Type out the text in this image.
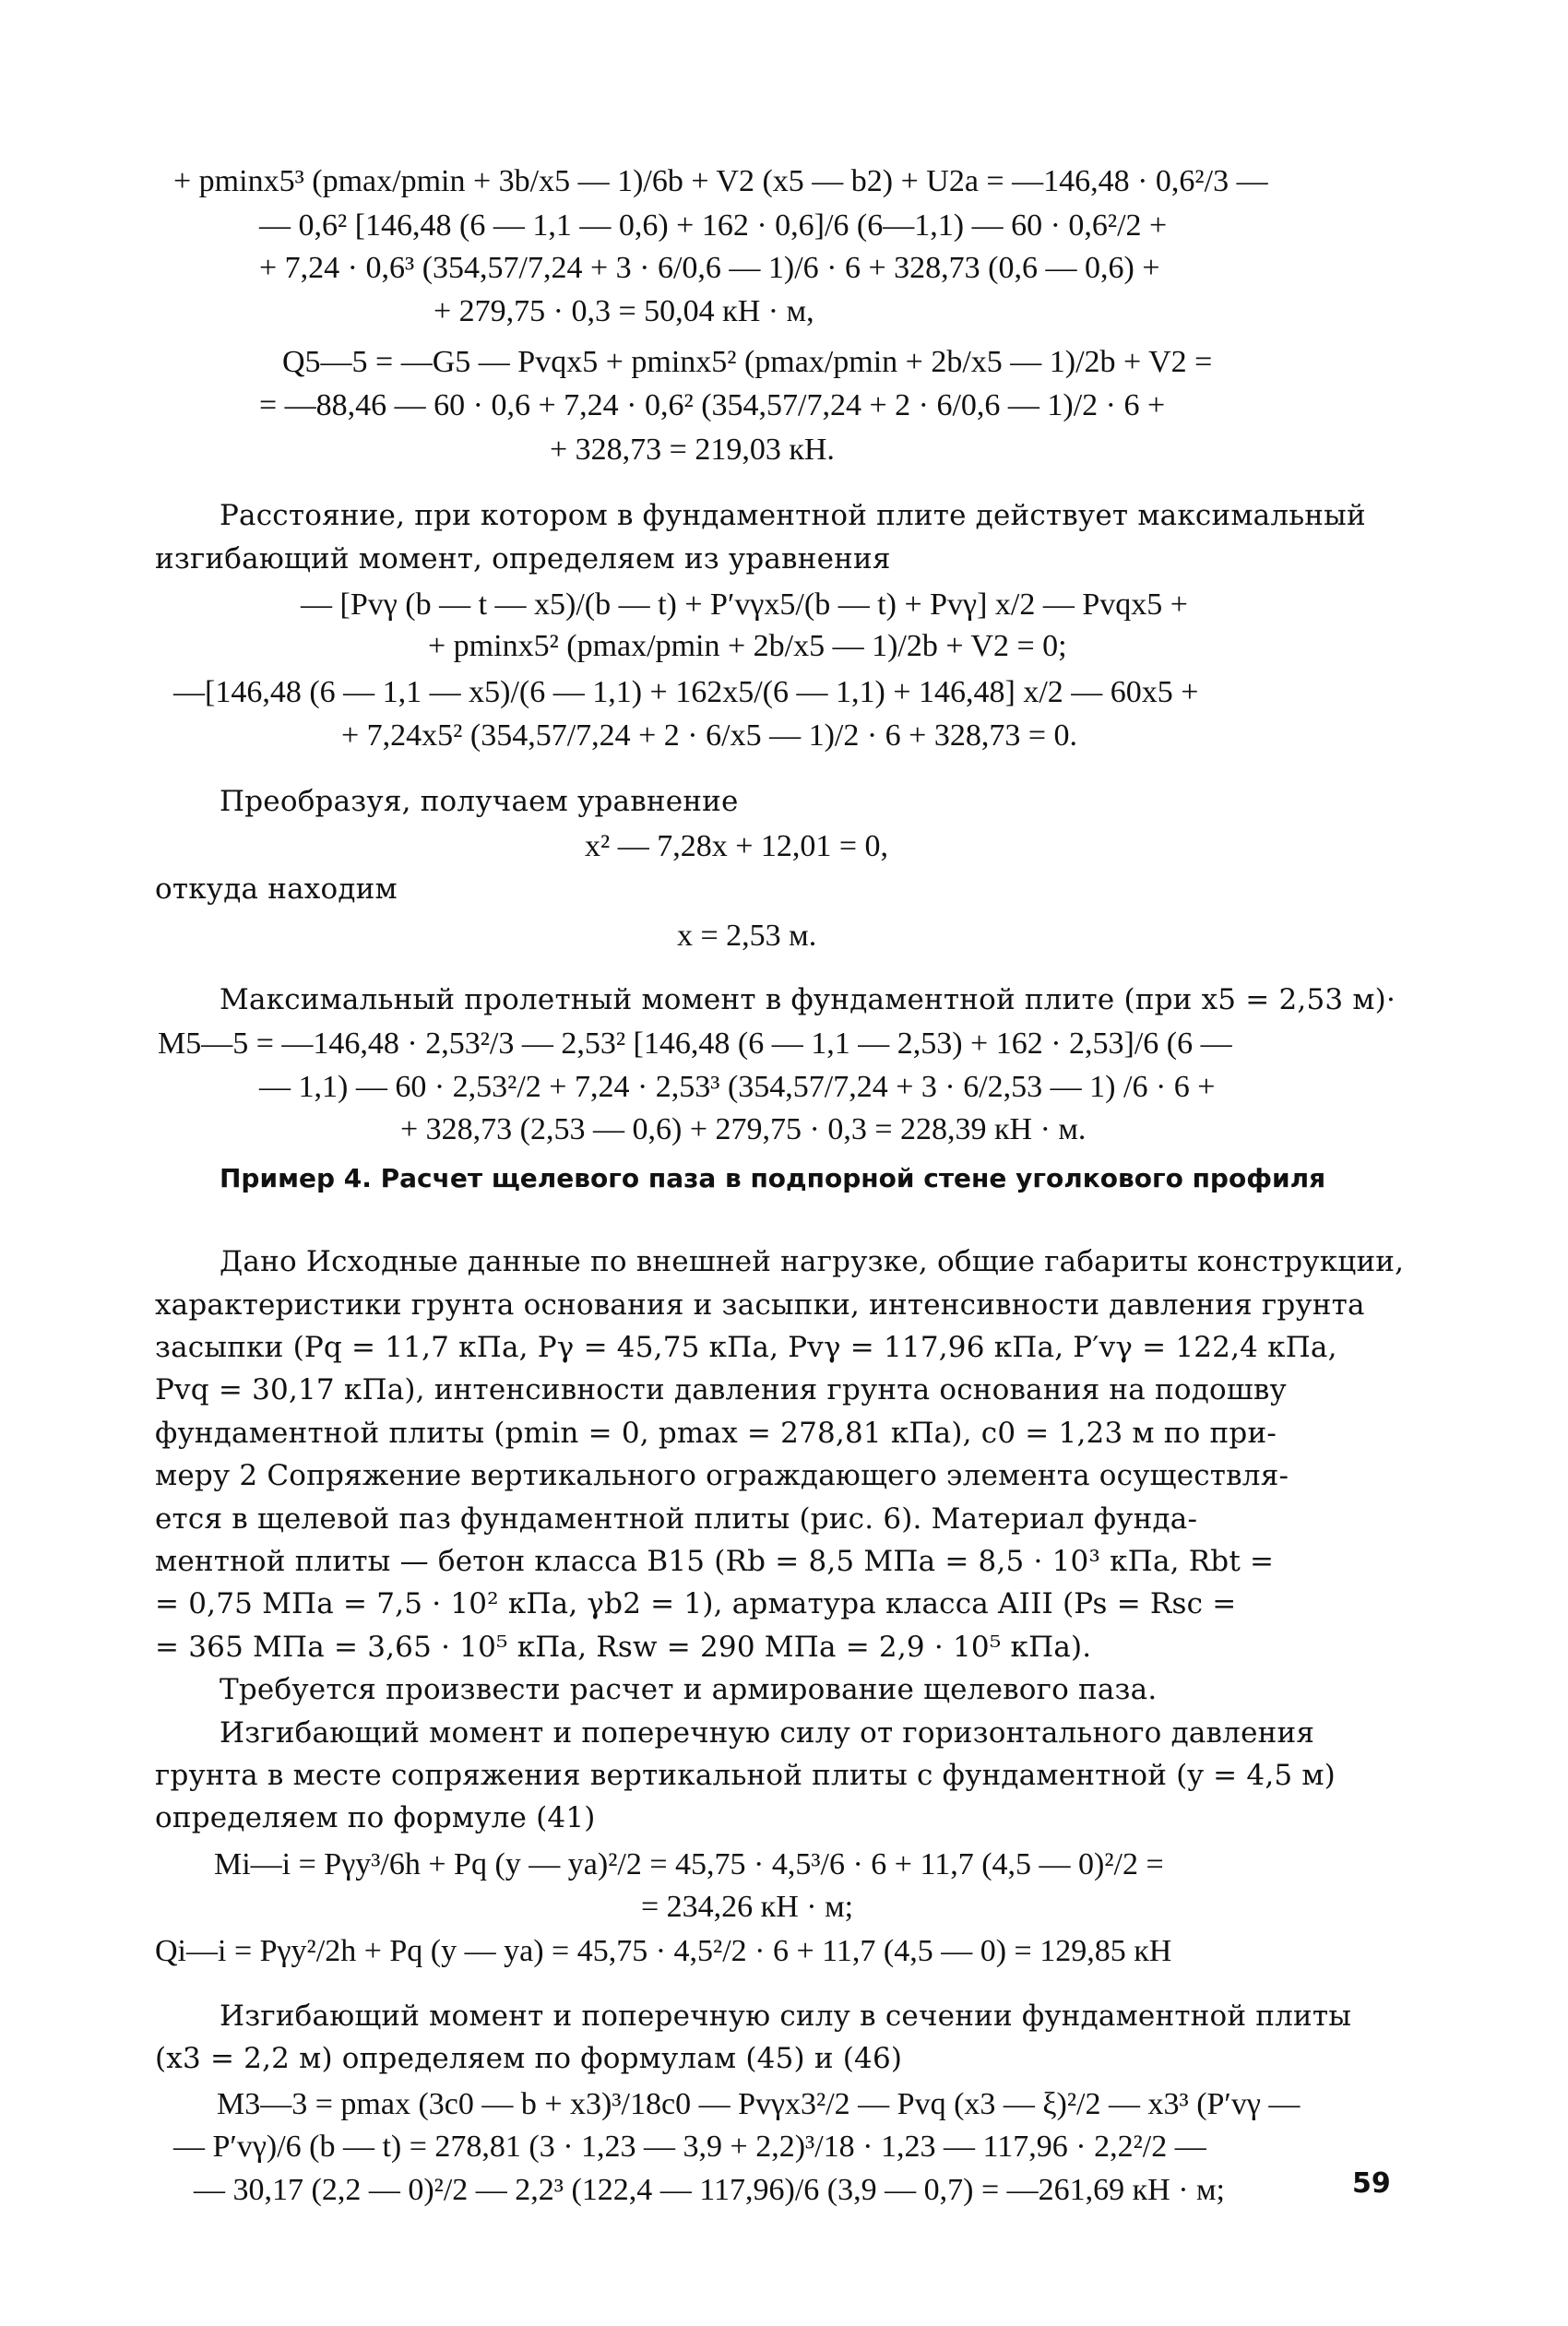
+ pminx5³ (pmax/pmin + 3b/x5 — 1)/6b + V2 (x5 — b2) + U2a = —146,48 · 0,6²/3 —
— 0,6² [146,48 (6 — 1,1 — 0,6) + 162 · 0,6]/6 (6—1,1) — 60 · 0,6²/2 +
+ 7,24 · 0,6³ (354,57/7,24 + 3 · 6/0,6 — 1)/6 · 6 + 328,73 (0,6 — 0,6) +
+ 279,75 · 0,3 = 50,04 кН · м,
Q5—5 = —G5 — Pvqx5 + pminx5² (pmax/pmin + 2b/x5 — 1)/2b + V2 =
= —88,46 — 60 · 0,6 + 7,24 · 0,6² (354,57/7,24 + 2 · 6/0,6 — 1)/2 · 6 +
+ 328,73 = 219,03 кН.
Расстояние, при котором в фундаментной плите действует максимальный
изгибающий момент, определяем из уравнения
— [Pvγ (b — t — x5)/(b — t) + P′vγx5/(b — t) + Pvγ] x/2 — Pvqx5 +
+ pminx5² (pmax/pmin + 2b/x5 — 1)/2b + V2 = 0;
—[146,48 (6 — 1,1 — x5)/(6 — 1,1) + 162x5/(6 — 1,1) + 146,48] x/2 — 60x5 +
+ 7,24x5² (354,57/7,24 + 2 · 6/x5 — 1)/2 · 6 + 328,73 = 0.
Преобразуя, получаем уравнение
x² — 7,28x + 12,01 = 0,
откуда находим
x = 2,53 м.
Максимальный пролетный момент в фундаментной плите (при x5 = 2,53 м)·
M5—5 = —146,48 · 2,53²/3 — 2,53² [146,48 (6 — 1,1 — 2,53) + 162 · 2,53]/6 (6 —
— 1,1) — 60 · 2,53²/2 + 7,24 · 2,53³ (354,57/7,24 + 3 · 6/2,53 — 1) /6 · 6 +
+ 328,73 (2,53 — 0,6) + 279,75 · 0,3 = 228,39 кН · м.
Пример 4. Расчет щелевого паза в подпорной стене уголкового профиля
Дано Исходные данные по внешней нагрузке, общие габариты конструкции,
характеристики грунта основания и засыпки, интенсивности давления грунта
засыпки (Pq = 11,7 кПа, Pγ = 45,75 кПа, Pvγ = 117,96 кПа, P′vγ = 122,4 кПа,
Pvq = 30,17 кПа), интенсивности давления грунта основания на подошву
фундаментной плиты (pmin = 0, pmax = 278,81 кПа), c0 = 1,23 м по при-
меру 2 Сопряжение вертикального ограждающего элемента осуществля-
ется в щелевой паз фундаментной плиты (рис. 6). Материал фунда-
ментной плиты — бетон класса B15 (Rb = 8,5 МПа = 8,5 · 10³ кПа, Rbt =
= 0,75 МПа = 7,5 · 10² кПа, γb2 = 1), арматура класса AIII (Ps = Rsc =
= 365 МПа = 3,65 · 10⁵ кПа, Rsw = 290 МПа = 2,9 · 10⁵ кПа).
Требуется произвести расчет и армирование щелевого паза.
Изгибающий момент и поперечную силу от горизонтального давления
грунта в месте сопряжения вертикальной плиты с фундаментной (y = 4,5 м)
определяем по формуле (41)
Mi—i = Pγy³/6h + Pq (y — ya)²/2 = 45,75 · 4,5³/6 · 6 + 11,7 (4,5 — 0)²/2 =
= 234,26 кН · м;
Qi—i = Pγy²/2h + Pq (y — ya) = 45,75 · 4,5²/2 · 6 + 11,7 (4,5 — 0) = 129,85 кН
Изгибающий момент и поперечную силу в сечении фундаментной плиты
(x3 = 2,2 м) определяем по формулам (45) и (46)
M3—3 = pmax (3c0 — b + x3)³/18c0 — Pvγx3²/2 — Pvq (x3 — ξ)²/2 — x3³ (P′vγ —
— P′vγ)/6 (b — t) = 278,81 (3 · 1,23 — 3,9 + 2,2)³/18 · 1,23 — 117,96 · 2,2²/2 —
— 30,17 (2,2 — 0)²/2 — 2,2³ (122,4 — 117,96)/6 (3,9 — 0,7) = —261,69 кН · м;	59
